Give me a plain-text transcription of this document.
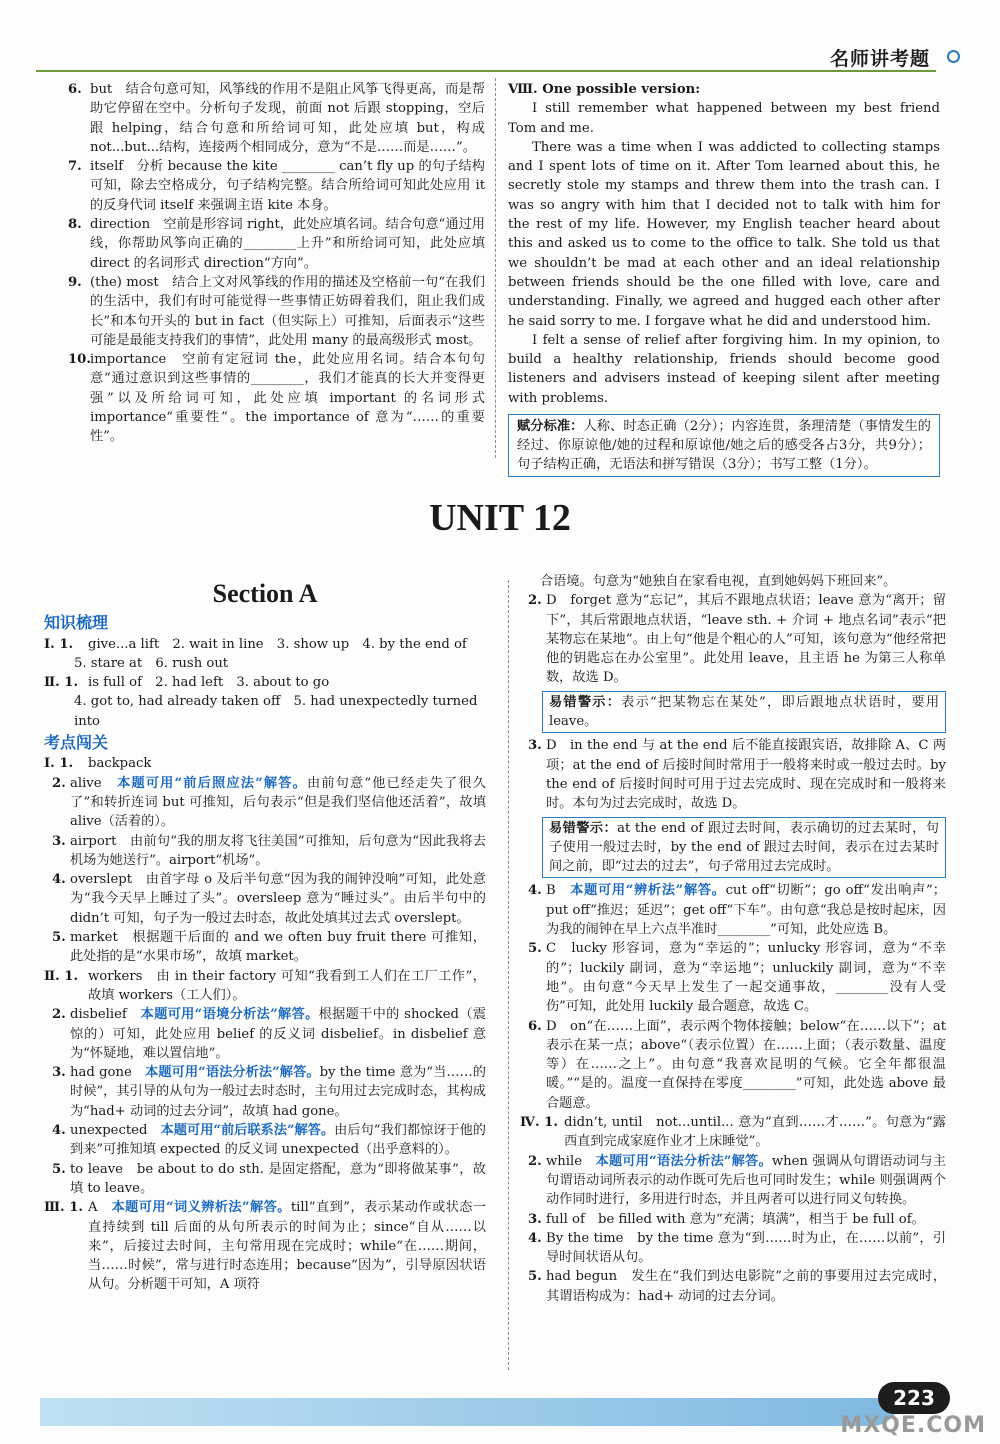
名师讲考题
6. but　结合句意可知，风筝线的作用不是阻止风筝飞得更高，而是帮助它停留在空中。分析句子发现，前面 not 后跟 stopping，空后跟 helping，结合句意和所给词可知，此处应填 but，构成 not...but...结构，连接两个相同成分，意为“不是……而是……”。
7. itself　分析 because the kite ________ can’t fly up 的句子结构可知，除去空格成分，句子结构完整。结合所给词可知此处应用 it 的反身代词 itself 来强调主语 kite 本身。
8. direction　空前是形容词 right，此处应填名词。结合句意“通过用线，你帮助风筝向正确的________上升”和所给词可知，此处应填 direct 的名词形式 direction“方向”。
9. (the) most　结合上文对风筝线的作用的描述及空格前一句“在我们的生活中，我们有时可能觉得一些事情正妨碍着我们，阻止我们成长”和本句开头的 but in fact（但实际上）可推知，后面表示“这些可能是最能支持我们的事情”，此处用 many 的最高级形式 most。
10. importance　空前有定冠词 the，此处应用名词。结合本句句意“通过意识到这些事情的________，我们才能真的长大并变得更强”以及所给词可知，此处应填 important 的名词形式 importance“重要性”。the importance of 意为“……的重要性”。
Ⅷ. One possible version:

I still remember what happened between my best friend Tom and me.

There was a time when I was addicted to collecting stamps and I spent lots of time on it. After Tom learned about this, he secretly stole my stamps and threw them into the trash can. I was so angry with him that I decided not to talk with him for the rest of my life. However, my English teacher heard about this and asked us to come to the office to talk. She told us that we shouldn’t be mad at each other and an ideal relationship between friends should be the one filled with love, care and understanding. Finally, we agreed and hugged each other after he said sorry to me. I forgave what he did and understood him.

I felt a sense of relief after forgiving him. In my opinion, to build a healthy relationship, friends should become good listeners and advisers instead of keeping silent after meeting with problems.

赋分标准：人称、时态正确（2分）；内容连贯，条理清楚（事情发生的经过、你原谅他/她的过程和原谅他/她之后的感受各占3分，共9分）；句子结构正确，无语法和拼写错误（3分）；书写工整（1分）。
UNIT 12
Section A
知识梳理
Ⅰ. 1. give...a lift　2. wait in line　3. show up　4. by the end of
5. stare at　6. rush out
Ⅱ. 1. is full of　2. had left　3. about to go
4. got to, had already taken off　5. had unexpectedly turned into
考点闯关
Ⅰ. 1. backpack
2. alive　本题可用“前后照应法”解答。由前句意“他已经走失了很久了”和转折连词 but 可推知，后句表示“但是我们坚信他还活着”，故填 alive（活着的）。
3. airport　由前句“我的朋友将飞往美国”可推知，后句意为“因此我将去机场为她送行”。airport“机场”。
4. overslept　由首字母 o 及后半句意“因为我的闹钟没响”可知，此处意为“我今天早上睡过了头”。oversleep 意为“睡过头”。由后半句中的 didn’t 可知，句子为一般过去时态，故此处填其过去式 overslept。
5. market　根据题干后面的 and we often buy fruit there 可推知，此处指的是“水果市场”，故填 market。
Ⅱ. 1. workers　由 in their factory 可知“我看到工人们在工厂工作”，故填 workers（工人们）。
2. disbelief　本题可用“语境分析法”解答。根据题干中的 shocked（震惊的）可知，此处应用 belief 的反义词 disbelief。in disbelief 意为“怀疑地，难以置信地”。
3. had gone　本题可用“语法分析法”解答。by the time 意为“当……的时候”，其引导的从句为一般过去时态时，主句用过去完成时态，其构成为“had+ 动词的过去分词”，故填 had gone。
4. unexpected　本题可用“前后联系法”解答。由后句“我们都惊讶于他的到来”可推知填 expected 的反义词 unexpected（出乎意料的）。
5. to leave　be about to do sth. 是固定搭配，意为“即将做某事”，故填 to leave。
Ⅲ. 1. A　本题可用“词义辨析法”解答。till“直到”，表示某动作或状态一直持续到 till 后面的从句所表示的时间为止；since“自从……以来”，后接过去时间，主句常用现在完成时；while“在……期间，当……时候”，常与进行时态连用；because“因为”，引导原因状语从句。分析题干可知，A 项符
合语境。句意为“她独自在家看电视，直到她妈妈下班回来”。
2. D　forget 意为“忘记”，其后不跟地点状语；leave 意为“离开；留下”，其后常跟地点状语，“leave sth. + 介词 + 地点名词”表示“把某物忘在某地”。由上句“他是个粗心的人”可知，该句意为“他经常把他的钥匙忘在办公室里”。此处用 leave，且主语 he 为第三人称单数，故选 D。
易错警示：表示“把某物忘在某处”，即后跟地点状语时，要用 leave。
3. D　in the end 与 at the end 后不能直接跟宾语，故排除 A、C 两项；at the end of 后接时间时常用于一般将来时或一般过去时。by the end of 后接时间时可用于过去完成时、现在完成时和一般将来时。本句为过去完成时，故选 D。
易错警示：at the end of 跟过去时间，表示确切的过去某时，句子使用一般过去时，by the end of 跟过去时间，表示在过去某时间之前，即“过去的过去”，句子常用过去完成时。
4. B　本题可用“辨析法”解答。cut off“切断”；go off“发出响声”；put off“推迟；延迟”；get off“下车”。由句意“我总是按时起床，因为我的闹钟在早上六点半准时________”可知，此处应选 B。
5. C　lucky 形容词，意为“幸运的”；unlucky 形容词，意为“不幸的”；luckily 副词，意为“幸运地”；unluckily 副词，意为“不幸地”。由句意“今天早上发生了一起交通事故，________没有人受伤”可知，此处用 luckily 最合题意，故选 C。
6. D　on“在……上面”，表示两个物体接触；below“在……以下”；at 表示在某一点；above“（表示位置）在……上面；（表示数量、温度等）在……之上”。由句意“我喜欢昆明的气候。它全年都很温暖。”“是的。温度一直保持在零度________”可知，此处选 above 最合题意。
Ⅳ. 1. didn’t, until　not...until... 意为“直到……才……”。句意为“露西直到完成家庭作业才上床睡觉”。
2. while　本题可用“语法分析法”解答。when 强调从句谓语动词与主句谓语动词所表示的动作既可先后也可同时发生；while 则强调两个动作同时进行，多用进行时态，并且两者可以进行同义句转换。
3. full of　be filled with 意为“充满；填满”，相当于 be full of。
4. By the time　by the time 意为“到……时为止，在……以前”，引导时间状语从句。
5. had begun　发生在“我们到达电影院”之前的事要用过去完成时，其谓语构成为：had+ 动词的过去分词。
223
MXQE.COM
